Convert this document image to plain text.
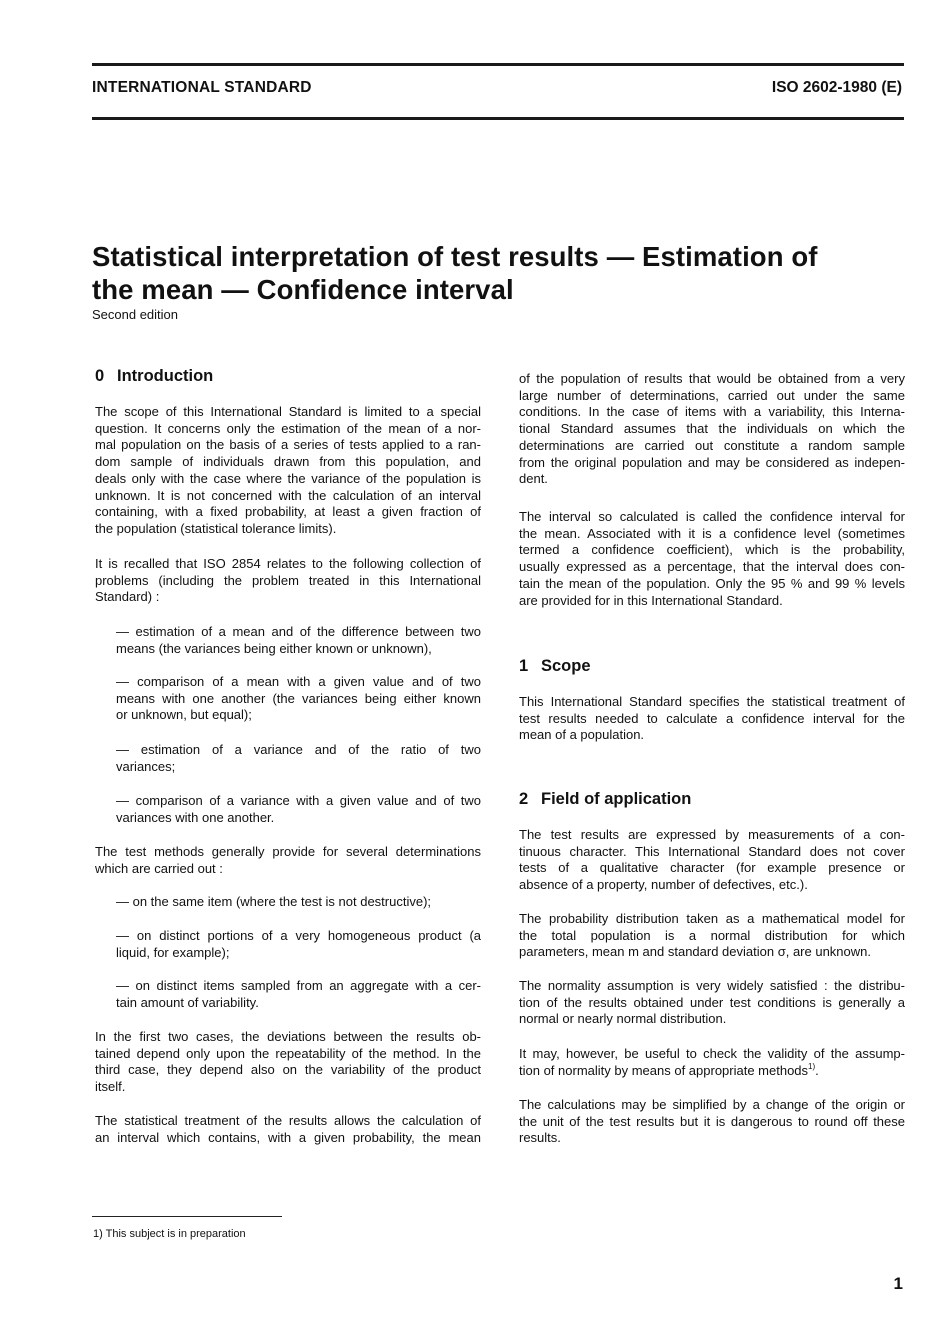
INTERNATIONAL STANDARD	ISO 2602-1980 (E)
Statistical interpretation of test results — Estimation of
the mean — Confidence interval
Second edition
0 Introduction
The scope of this International Standard is limited to a special
question. It concerns only the estimation of the mean of a nor-
mal population on the basis of a series of tests applied to a ran-
dom sample of individuals drawn from this population, and
deals only with the case where the variance of the population is
unknown. It is not concerned with the calculation of an interval
containing, with a fixed probability, at least a given fraction of
the population (statistical tolerance limits).
It is recalled that ISO 2854 relates to the following collection of
problems (including the problem treated in this International
Standard) :
— estimation of a mean and of the difference between two
means (the variances being either known or unknown),
— comparison of a mean with a given value and of two
means with one another (the variances being either known
or unknown, but equal);
— estimation of a variance and of the ratio of two
variances;
— comparison of a variance with a given value and of two
variances with one another.
The test methods generally provide for several determinations
which are carried out :
— on the same item (where the test is not destructive);
— on distinct portions of a very homogeneous product (a
liquid, for example);
— on distinct items sampled from an aggregate with a cer-
tain amount of variability.
In the first two cases, the deviations between the results ob-
tained depend only upon the repeatability of the method. In the
third case, they depend also on the variability of the product
itself.
The statistical treatment of the results allows the calculation of
an interval which contains, with a given probability, the mean
of the population of results that would be obtained from a very
large number of determinations, carried out under the same
conditions. In the case of items with a variability, this Interna-
tional Standard assumes that the individuals on which the
determinations are carried out constitute a random sample
from the original population and may be considered as indepen-
dent.
The interval so calculated is called the confidence interval for
the mean. Associated with it is a confidence level (sometimes
termed a confidence coefficient), which is the probability,
usually expressed as a percentage, that the interval does con-
tain the mean of the population. Only the 95 % and 99 % levels
are provided for in this International Standard.
1 Scope
This International Standard specifies the statistical treatment of
test results needed to calculate a confidence interval for the
mean of a population.
2 Field of application
The test results are expressed by measurements of a con-
tinuous character. This International Standard does not cover
tests of a qualitative character (for example presence or
absence of a property, number of defectives, etc.).
The probability distribution taken as a mathematical model for
the total population is a normal distribution for which
parameters, mean m and standard deviation σ, are unknown.
The normality assumption is very widely satisfied : the distribu-
tion of the results obtained under test conditions is generally a
normal or nearly normal distribution.
It may, however, be useful to check the validity of the assump-
tion of normality by means of appropriate methods$^{1)}$.
The calculations may be simplified by a change of the origin or
the unit of the test results but it is dangerous to round off these
results.
1) This subject is in preparation
1
